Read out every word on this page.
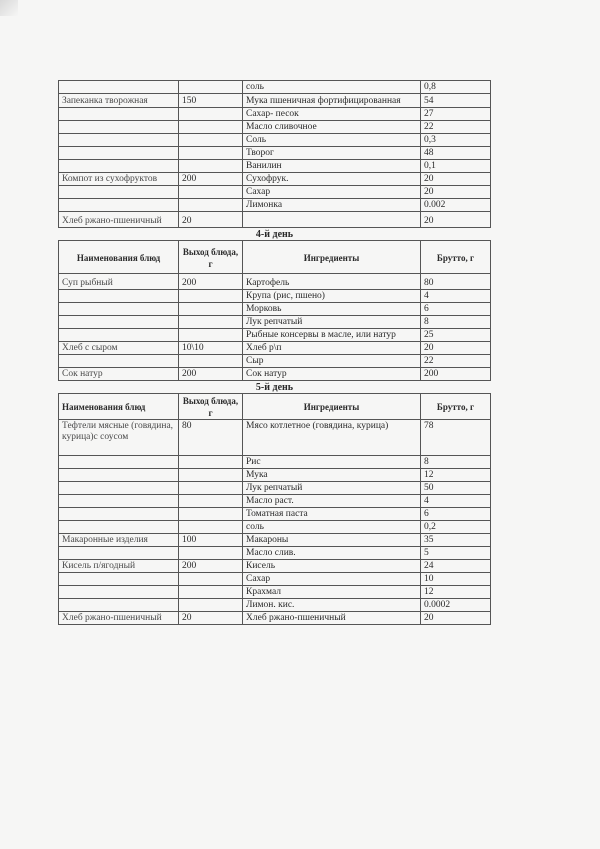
		соль	0,8
Запеканка творожная	150	Мука пшеничная фортифицированная	54
		Сахар- песок	27
		Масло сливочное	22
		Соль	0,3
		Творог	48
		Ванилин	0,1
Компот из сухофруктов	200	Сухофрук.	20
		Сахар	20
		Лимонка	0.002
Хлеб ржано-пшеничный	20		20
4-й день			
Наименования блюд	Выход блюда, г	Ингредиенты	Брутто, г
Суп рыбный	200	Картофель	80
		Крупа (рис, пшено)	4
		Морковь	6
		Лук репчатый	8
		Рыбные консервы в масле, или натур	25
Хлеб с сыром	10\10	Хлеб р\п	20
		Сыр	22
Сок натур	200	Сок натур	200
5-й день			
Наименования блюд	Выход блюда, г	Ингредиенты	Брутто, г
Тефтели мясные (говядина, курица)с соусом	80	Мясо котлетное (говядина, курица)	78
		Рис	8
		Мука	12
		Лук репчатый	50
		Масло раст.	4
		Томатная паста	6
		соль	0,2
Макаронные изделия	100	Макароны	35
		Масло слив.	5
Кисель п/ягодный	200	Кисель	24
		Сахар	10
		Крахмал	12
		Лимон. кис.	0.0002
Хлеб ржано-пшеничный	20	Хлеб ржано-пшеничный	20
